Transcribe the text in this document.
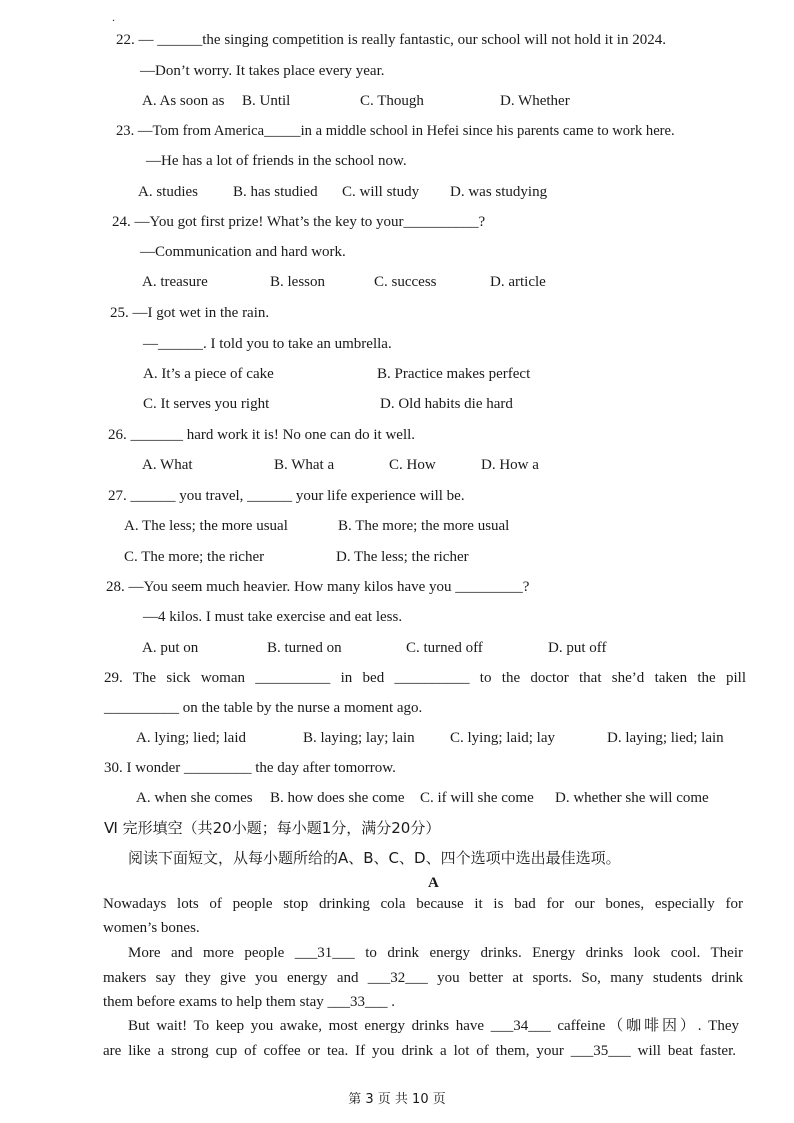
.
22. — ______the singing competition is really fantastic, our school will not hold it in 2024.
—Don’t worry. It takes place every year.
A. As soon as B. Until	C. Though	D. Whether
23. —Tom from America_____in a middle school in Hefei since his parents came to work here.
—He has a lot of friends in the school now.
A. studies B. has studied C. will study D. was studying
24. —You got first prize! What’s the key to your__________?
—Communication and hard work.
A. treasure	B. lesson	C. success	D. article
25. —I got wet in the rain.
—______. I told you to take an umbrella.
A. It’s a piece of cake	B. Practice makes perfect
C. It serves you right	D. Old habits die hard
26. _______ hard work it is! No one can do it well.
A. What	B. What a	C. How	D. How a
27. ______ you travel, ______ your life experience will be.
A. The less; the more usual	B. The more; the more usual
C. The more; the richer	D. The less; the richer
28. —You seem much heavier. How many kilos have you _________?
—4 kilos. I must take exercise and eat less.
A. put on	B. turned on	C. turned off	D. put off
29. The sick woman __________ in bed __________ to the doctor that she’d taken the pill
__________ on the table by the nurse a moment ago.
A. lying; lied; laid	B. laying; lay; lain C. lying; laid; lay	D. laying; lied; lain
30. I wonder _________ the day after tomorrow.
A. when she comes B. how does she come C. if will she come D. whether she will come
Ⅵ 完形填空（共20小题；每小题1分，满分20分）
阅读下面短文，从每小题所给的A、B、C、D、四个选项中选出最佳选项。
A
Nowadays lots of people stop drinking cola because it is bad for our bones, especially for
women’s bones.
More and more people ___31___ to drink energy drinks. Energy drinks look cool. Their
makers say they give you energy and ___32___ you better at sports. So, many students drink
them before exams to help them stay ___33___ .
But wait! To keep you awake, most energy drinks have ___34___ caffeine（咖啡因）. They
are like a strong cup of coffee or tea. If you drink a lot of them, your ___35___ will beat faster.
第 3 页 共 10 页
